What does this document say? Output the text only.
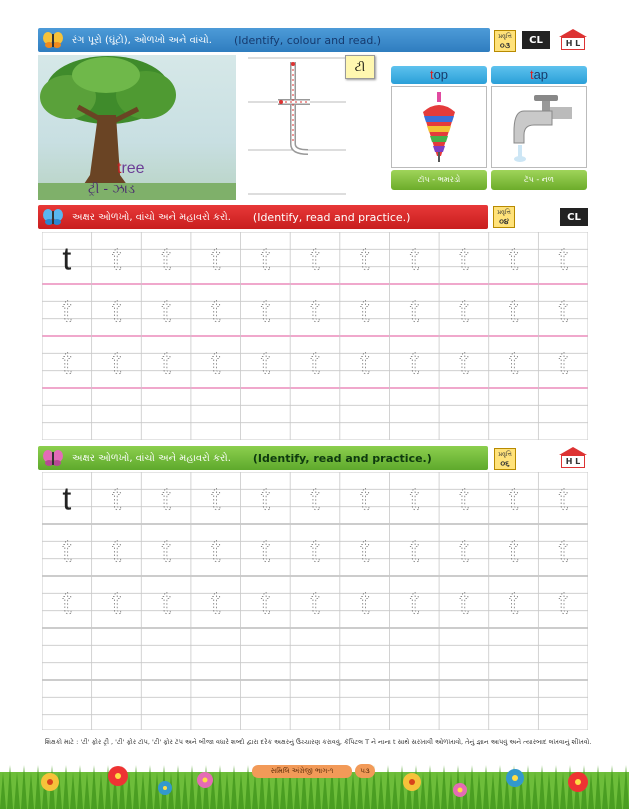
રંગ પૂરો (ઘૂંટો), ઓળખો અને વાંચો. (Identify, colour and read.)	પ્રવૃત્તિ
૦૩	CL	H L
tree
ટ્રી - ઝાડ
ટી
top
ટૉપ - ભમરડો
tap
ટૅપ - નળ
અક્ષર ઓળખો, વાંચો અને મહાવરો કરો. (Identify, read and practice.)	પ્રવૃત્તિ
૦૪	CL
t t t t t t t t t t t
t t t t t t t t t t t
t t t t t t t t t t t
અક્ષર ઓળખો, વાંચો અને મહાવરો કરો. (Identify, read and practice.)	પ્રવૃત્તિ
૦૬	H L
t t t t t t t t t t t
t t t t t t t t t t t
t t t t t t t t t t t
શિક્ષકો માટે : 'ટી' ફોર ટ્રી , 'ટી' ફોર ટૉપ, 'ટી' ફોર ટૅપ અને બીજા વધારે શબ્દો દ્વારા દરેક અક્ષરનું ઉચ્ચારણ કરાવવું, કૅપિટલ T ને નાના t સાથે સરખાવી ઓળખાવો, તેનું જ્ઞાન આપવું અને ત્યારબાદ લખવાનું શીખવો.
સમિલિ અંગ્રેજી ભાગ-૧	૫૩
